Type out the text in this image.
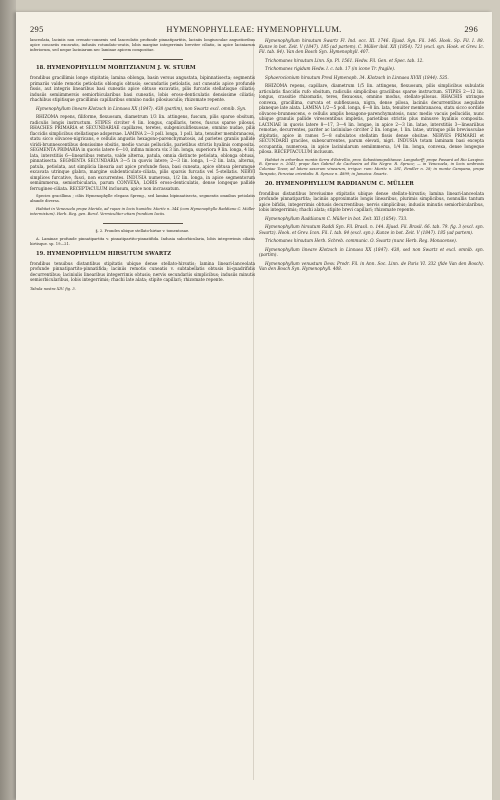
295	HYMENOPHYLLEAE: HYMENOPHYLLUM.	296

lanceolata, laciniis non crenato-connexis sed lanceolatis profunde pinnatipartitis, laciniis longiusculae angustioribus apice concaviis excavatis, indusiis rotundato-ovatis, lobis margine integerrimis breviter ciliatis, in apice laciniarum inferiorum, sed neque laciniarum nec laminae apicem compositae.

18. HYMENOPHYLLUM MORITZIANUM J. W. STURM

frondibus gracillimis longe stipitatis; lamina oblonga, basin versus angustata, bipinnatisecta; segmentis primariis valde remotis petiolatis oblongis obtusis; secundariis petiolatis, aut cuneatis apice profunde fissis, aut integris linearibus basi cuneatis apice obtuso excavatis, pilis furcatis stellatisque ciliatis; indusiis semiimmersis semiorbicularibus basi cuneatis, lobis eroso-denticulatis densissime ciliatis; rhachibus stipitisque gracillimis capillaribus omnino nudis pilosiusculis; rhizomate repente.

Hymenophyllum lineare Klotzsch in Linnaea XX (1847). 438 (partim), non Swartz excl. omnib. Syn.

RHIZOMA repens, filiforme, flexuosum, diametrum 1/3 lin. attingens, fuscum, pilis sparse obsitum, radiculis longis instructum. STIPES circiter 4 lin. longus, capillaris, teres, fuscus sparse pilosus. RHACHES PRIMARIA et SECUNDARIAE capillares, teretes, subgeniculiflexuosae, omnino nudae, pilis flaccidis simplicibus stellatisque adspersae. LAMINA 2—3 poll. longa, 1 poll. lata, tenuiter membranacea, statu sicco olivaceo-nigricans, e cellulis angustis hexagono-parenchymatosis, ad parietes graniis pallide viridi-brunnescentibus densissime obsitis, medio vacuis pellucidis, parietibus strictis hyalinis composita. SEGMENTA PRIMARIA in quovis latere 6—10, infima minora vix 3 lin. longa, superiora 9 lin. longa, 4 lin. lata, interstitiis 6—lineariibus remota, valde alterna, patula, omnia distincte petiolata, oblonga obtusa, pinnatisecta. SEGMENTA SECUNDARIA 3—5 in quovis latere; 2—3 lin. longa, 1—2 lin. lata, alterna, patula, petiolata, aut simplicia linearia aut apice profunde fissa, basi cuneata, apice obtusa plerumque excavata utrinque glabra, margine subdenticulato-ciliata, pilis sparsis furcatis vel 5-stellatis. NERVI simplices furcative, fusci, non excurrentes. INDUSIA numerosa, 1/2 lin. longa, in apice segmentorum semiimmersa, semiorbicularia, parum CONVEXA, LOBIS eroso-denticulatis, dense longeque pallide ferrugineo-ciliata. RECEPTACULUM inclusum, apice non incrassatum.

Species gracillima ; ciliis Hymenophylle elegans Spreng., sed lamina bipinnatisecta, segmentis omnibus petiolatis abunde diversa.

Habitat in Venezuela prope Merida, ad rupes in locis humidis: Moritz n. 344 (com Hymenophyllo Raddiano C. Müller intermixtum). Herb. Reg. gen. Berol. Vermiculiter etiam frondium laciis.

§. 2. Frondes ubique stellato-hirtae v. tomentosae.

A. Laminae profunde pinnatipartita v. pinnatipartito-pinnatifida. Indusia suborbicularia, lobis integerrimis ciliatis hirtisque. sp. 19—21.

19. HYMENOPHYLLUM HIRSUTUM SWARTZ

frondibus tenuibus distantibus stipitatis ubique dense stellato-hirsutis; lamina lineari-lanceolata profunde pinnatipartito-pinnatifida; laciniis remotis cuneatis v. subtabellatis obtusis bi-quadrifidis decurrentibus; laciniulis linearibus integerrimis obtusis; nervis secundariis simplicibus; indusiis minutis semiorbicularibus, lobis integerrimis; rhachi late alata; stipite capillari; rhizomate repente.

Tabula nostra XIV. fig. 3.

Hymenophyllum hirsutum Swartz Fl. Ind. occ. III. 1746. Ejusd. Syn. Fil. 146. Hook. Sp. Fil. I. 88. Kunze in bot. Zeit. V (1847). 185 (ad partem). C. Müller ibid. XII (1854). 721 (excl. syn. Hook. et Grev. Ic. Fil. tab. 84). Van den Bosch Syn. Hymenophyll. 407.

Trichomanes hirsutum Linn. Sp. Pl. 1561. Hedw. Fil. Gen. et Spec. tab. 12.

Trichomanes rigidum Hedw. l. c. tab. 17 (in icone Tr. fragile).

Sphaerocionium hirsutum Presl Hymenoph. 34. Klotzsch in Linnaea XVIII (1844). 535.

RHIZOMA repens, capillare, diametrum 1/5 lin. attingens, flexuosum, pilis simplicibus subulatis articulatis flaccidis rufo obsitum, radiculis simplicibus gracilibus sparse instructum. STIPES 2—12 lin. longus, crassitie rhizomatis, teres, flexuosus, omnino modus, stellato-pilosus. RHACHIS utrinque convexa, gracillima, curvata et subflexuosa, nigra, dense pilosa, laciniis decurrentibus aequilate planeque late alata. LAMINA 1/2—5 poll. longa, 6—8 lin. lata, tenuiter membranacea, statu sicco sordide olivaceo-brunnescens, e cellulis amplis hexagono-parenchymatosis, nunc medio vacuis pellucidis, nunc ubique granulis pallide virescentibus impletis, parietibus strictis plus minusve hyalinis composita. LACINIAE in quovis latere 8—17, 3—4 lin. longae, in apice 2—3 lin. latae, interstitiis 3—lineariibus remotae, decurrentes, pariter ac laciniulae circiter 2 lin. longae, 1 lin. latae, utrinque pilis breviusculae stipitatis, apice in ramos 5—8 subulatos stellatim fissis dense obsitae. NERVES PRIMARII et SECUNDARII graciles, subexcurrentes, parum elevati, nigri. INDUSIA totam laminam basi excepta occupantia, numerosa, in apice laciniularum semiimmersa, 1/4 lin. longa, convexa, dense longeque pilosa. RECEPTACULUM inclusum.

Habitat in arboribus montis Serra d'Estrellia, prov. Sebastianopolitanae: Langsdorff; prope Passará ad Rio Laxqina: R. Spruce n. 2041; prope San Gabriel de Cachoeira ad Rio Negro: R. Spruce; — in Venezuela, in locis umbrosis Coloniae Tovar, ad latera saxorum vinearum, irrigue: rum: Moritz n. 281, Fendler n. 28; in monte Campana, prope Tarapoto, Peruviae orientalis: R. Spruce n. 4899; in Jamaica: Swartz.

20. HYMENOPHYLLUM RADDIANUM C. MÜLLER

frondibus distantibus breviusime stipitatis ubique dense stellato-hirsutis; lamina lineari-lanceolata profunde pinnatipartita; laciniis approximatis longis linearibus, plurimis simplicibus, nonnullis tantum apice bifidis, integerrimis obtusis decurrentibus; nervis simplicibus; indusiis minutis semiorbicularibus, lobis integerrimis; rhachi alata; stipite brevi capillari; rhizomate repente.

Hymenophyllum Raddianum C. Müller in bot. Zeit. XII (1854). 733.

Hymenophyllum hirsutum Raddi Syn. Fil. Brasil. n. 144. Ejusd. Fil. Brasil. 66. tab. 79. fig. 3 (excl. syn. Swartz). Hook. et Grev. Icon. Fil. I. tab. 84 (excl. syn.). Kunze in bot. Zeit. V (1847). 185 (ad partem).

Trichomanes hirsutum Herb. Schreb. communic. O. Swartz (nunc Herb. Reg. Monacense).

Hymenophyllum lineare Klotzsch in Linnaea XX (1847). 438, sed non Swartz et excl. omnib. syn. (partim).

Hymenophyllum venustum Desv. Prodr. Fil. in Ann. Soc. Linn. de Paris VI. 332 (fide Van den Bosch). Van den Bosch Syn. Hymenophyll. 408.
